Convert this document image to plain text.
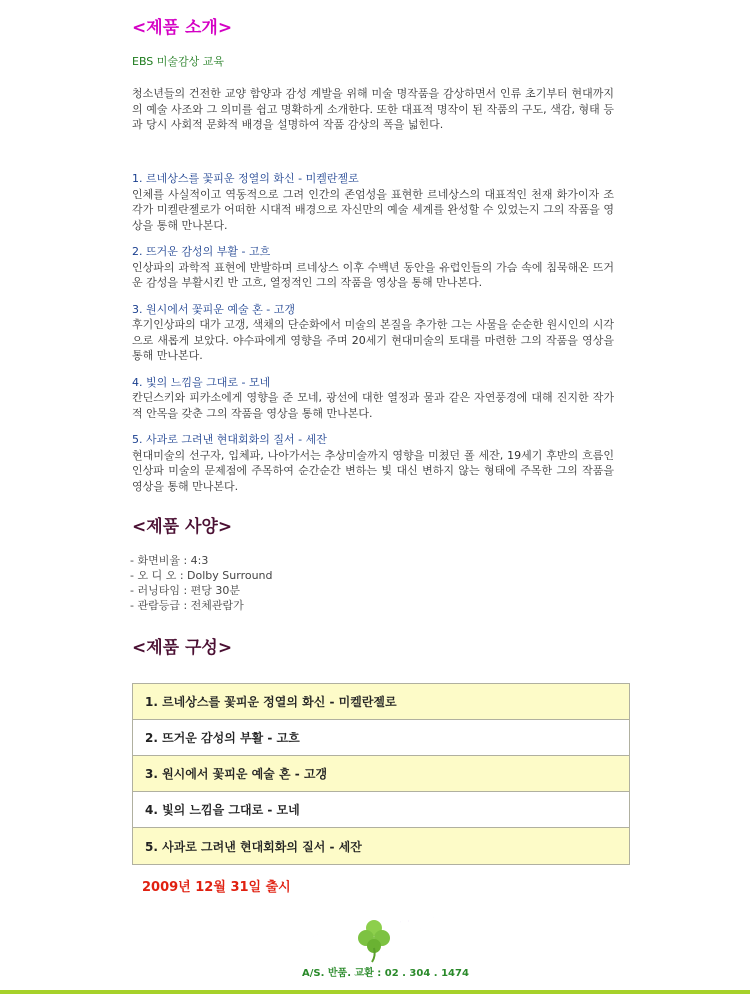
<제품 소개>
EBS 미술감상 교육
청소년들의 건전한 교양 함양과 감성 계발을 위해 미술 명작품을 감상하면서 인류 초기부터 현대까지의 예술 사조와 그 의미를 쉽고 명확하게 소개한다. 또한 대표적 명작이 된 작품의 구도, 색감, 형태 등과 당시 사회적 문화적 배경을 설명하여 작품 감상의 폭을 넓힌다.
1. 르네상스를 꽃피운 정열의 화신 - 미켈란젤로
인체를 사실적이고 역동적으로 그려 인간의 존엄성을 표현한 르네상스의 대표적인 천재 화가이자 조각가 미켈란젤로가 어떠한 시대적 배경으로 자신만의 예술 세계를 완성할 수 있었는지 그의 작품을 영상을 통해 만나본다.
2. 뜨거운 감성의 부활 - 고흐
인상파의 과학적 표현에 반발하며 르네상스 이후 수백년 동안을 유럽인들의 가슴 속에 침묵해온 뜨거운 감성을 부활시킨 반 고흐, 열정적인 그의 작품을 영상을 통해 만나본다.
3. 원시에서 꽃피운 예술 혼 - 고갱
후기인상파의 대가 고갱, 색채의 단순화에서 미술의 본질을 추가한 그는 사물을 순순한 원시인의 시각으로 새롭게 보았다. 야수파에게 영향을 주며 20세기 현대미술의 토대를 마련한 그의 작품을 영상을 통해 만나본다.
4. 빛의 느낌을 그대로 - 모네
칸딘스키와 피카소에게 영향을 준 모네, 광선에 대한 열정과 물과 같은 자연풍경에 대해 진지한 작가적 안목을 갖춘 그의 작품을 영상을 통해 만나본다.
5. 사과로 그려낸 현대회화의 질서 - 세잔
현대미술의 선구자, 입체파, 나아가서는 추상미술까지 영향을 미쳤던 폴 세잔, 19세기 후반의 흐름인 인상파 미술의 문제점에 주목하여 순간순간 변하는 빛 대신 변하지 않는 형태에 주목한 그의 작품을 영상을 통해 만나본다.
<제품 사양>
- 화면비율 : 4:3
- 오 디 오 : Dolby Surround
- 러닝타임 : 편당 30분
- 관람등급 : 전체관람가
<제품 구성>
1. 르네상스를 꽃피운 정열의 화신 - 미켈란젤로
2. 뜨거운 감성의 부활 - 고흐
3. 원시에서 꽃피운 예술 혼 - 고갱
4. 빛의 느낌을 그대로 - 모네
5. 사과로 그려낸 현대회화의 질서 - 세잔
2009년 12월 31일 출시
에듀 꿈터
A/S. 반품. 교환 : 02 . 304 . 1474
